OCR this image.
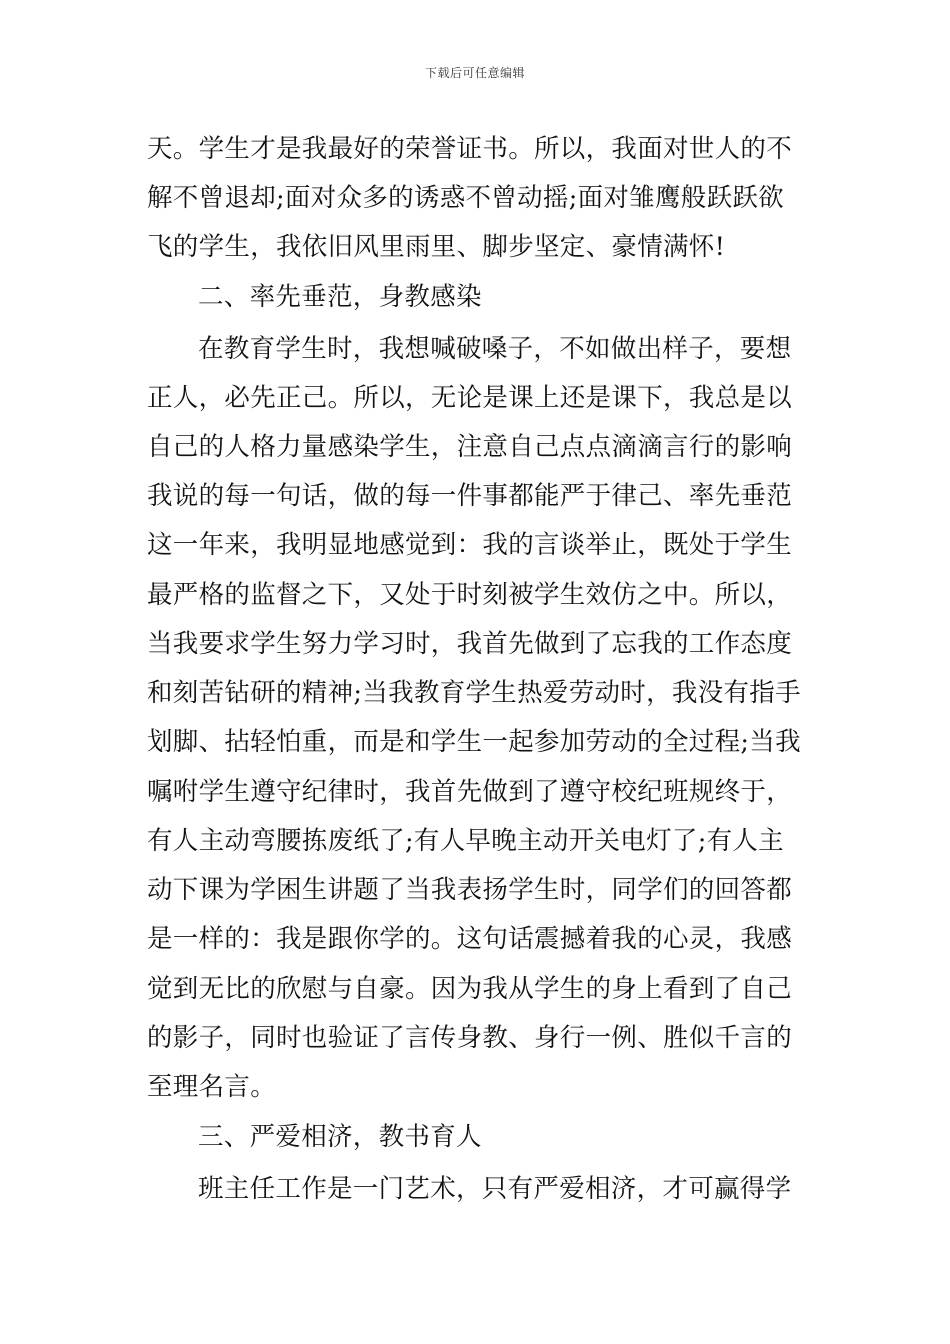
下载后可任意编辑
天。学生才是我最好的荣誉证书。所以，我面对世人的不
解不曾退却;面对众多的诱惑不曾动摇;面对雏鹰般跃跃欲
飞的学生，我依旧风里雨里、脚步坚定、豪情满怀!
二、率先垂范，身教感染
在教育学生时，我想喊破嗓子，不如做出样子，要想
正人，必先正己。所以，无论是课上还是课下，我总是以
自己的人格力量感染学生，注意自己点点滴滴言行的影响
我说的每一句话，做的每一件事都能严于律己、率先垂范
这一年来，我明显地感觉到：我的言谈举止，既处于学生
最严格的监督之下，又处于时刻被学生效仿之中。所以，
当我要求学生努力学习时，我首先做到了忘我的工作态度
和刻苦钻研的精神;当我教育学生热爱劳动时，我没有指手
划脚、拈轻怕重，而是和学生一起参加劳动的全过程;当我
嘱咐学生遵守纪律时，我首先做到了遵守校纪班规终于，
有人主动弯腰拣废纸了;有人早晚主动开关电灯了;有人主
动下课为学困生讲题了当我表扬学生时，同学们的回答都
是一样的：我是跟你学的。这句话震撼着我的心灵，我感
觉到无比的欣慰与自豪。因为我从学生的身上看到了自己
的影子，同时也验证了言传身教、身行一例、胜似千言的
至理名言。
三、严爱相济，教书育人
班主任工作是一门艺术，只有严爱相济，才可赢得学
